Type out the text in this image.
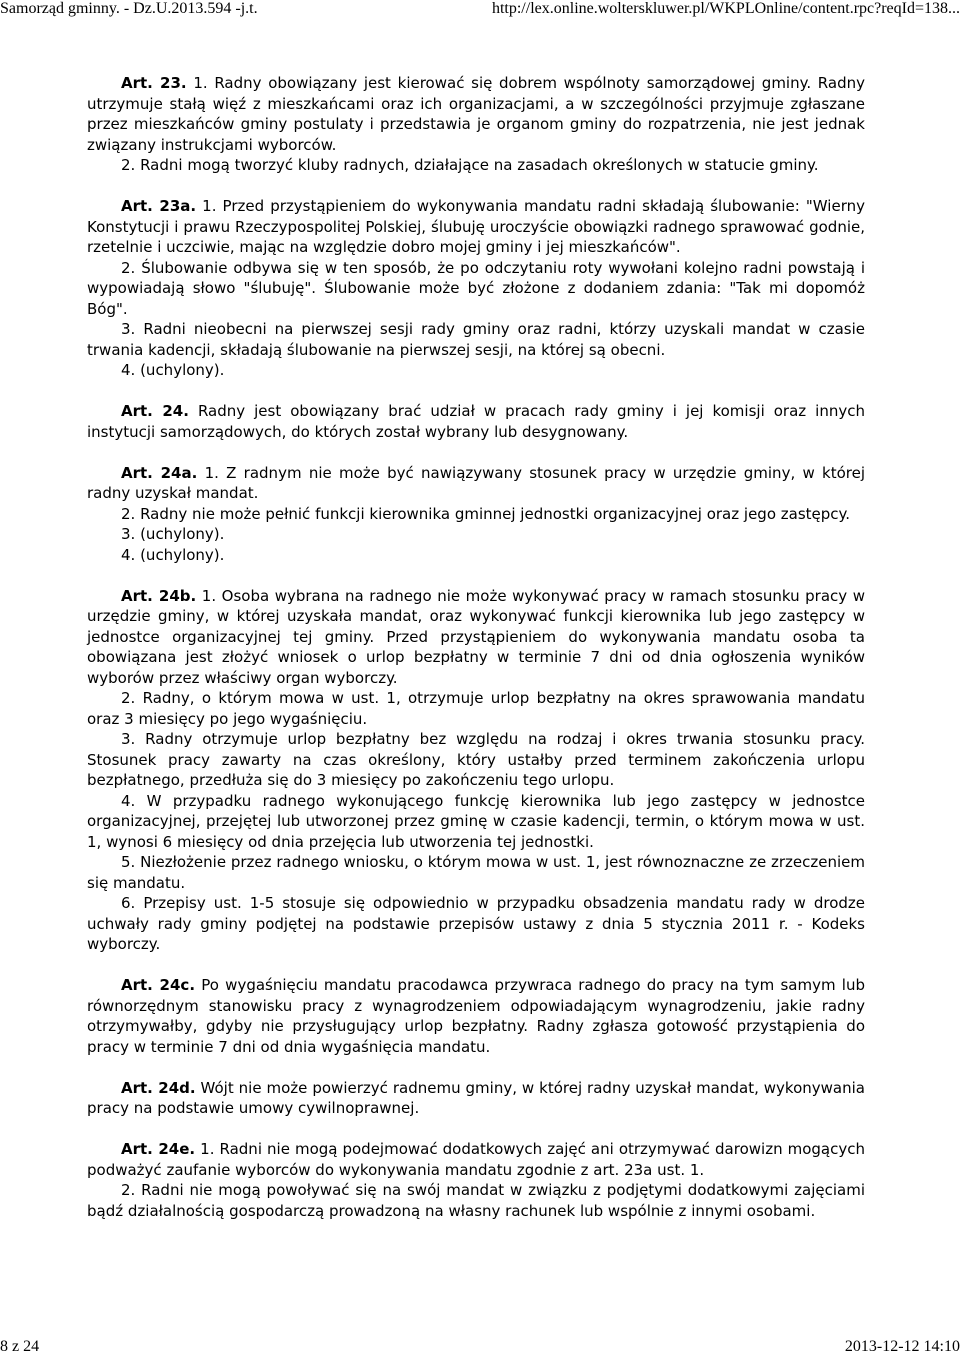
Samorząd gminny. - Dz.U.2013.594 -j.t.	http://lex.online.wolterskluwer.pl/WKPLOnline/content.rpc?reqId=138...

Art. 23. 1. Radny obowiązany jest kierować się dobrem wspólnoty samorządowej gminy. Radny utrzymuje stałą więź z mieszkańcami oraz ich organizacjami, a w szczególności przyjmuje zgłaszane przez mieszkańców gminy postulaty i przedstawia je organom gminy do rozpatrzenia, nie jest jednak związany instrukcjami wyborców.

2. Radni mogą tworzyć kluby radnych, działające na zasadach określonych w statucie gminy.

Art. 23a. 1. Przed przystąpieniem do wykonywania mandatu radni składają ślubowanie: "Wierny Konstytucji i prawu Rzeczypospolitej Polskiej, ślubuję uroczyście obowiązki radnego sprawować godnie, rzetelnie i uczciwie, mając na względzie dobro mojej gminy i jej mieszkańców".

2. Ślubowanie odbywa się w ten sposób, że po odczytaniu roty wywołani kolejno radni powstają i wypowiadają słowo "ślubuję". Ślubowanie może być złożone z dodaniem zdania: "Tak mi dopomóż Bóg".

3. Radni nieobecni na pierwszej sesji rady gminy oraz radni, którzy uzyskali mandat w czasie trwania kadencji, składają ślubowanie na pierwszej sesji, na której są obecni.

4. (uchylony).

Art. 24. Radny jest obowiązany brać udział w pracach rady gminy i jej komisji oraz innych instytucji samorządowych, do których został wybrany lub desygnowany.

Art. 24a. 1. Z radnym nie może być nawiązywany stosunek pracy w urzędzie gminy, w której radny uzyskał mandat.

2. Radny nie może pełnić funkcji kierownika gminnej jednostki organizacyjnej oraz jego zastępcy.

3. (uchylony).

4. (uchylony).

Art. 24b. 1. Osoba wybrana na radnego nie może wykonywać pracy w ramach stosunku pracy w urzędzie gminy, w której uzyskała mandat, oraz wykonywać funkcji kierownika lub jego zastępcy w jednostce organizacyjnej tej gminy. Przed przystąpieniem do wykonywania mandatu osoba ta obowiązana jest złożyć wniosek o urlop bezpłatny w terminie 7 dni od dnia ogłoszenia wyników wyborów przez właściwy organ wyborczy.

2. Radny, o którym mowa w ust. 1, otrzymuje urlop bezpłatny na okres sprawowania mandatu oraz 3 miesięcy po jego wygaśnięciu.

3. Radny otrzymuje urlop bezpłatny bez względu na rodzaj i okres trwania stosunku pracy. Stosunek pracy zawarty na czas określony, który ustałby przed terminem zakończenia urlopu bezpłatnego, przedłuża się do 3 miesięcy po zakończeniu tego urlopu.

4. W przypadku radnego wykonującego funkcję kierownika lub jego zastępcy w jednostce organizacyjnej, przejętej lub utworzonej przez gminę w czasie kadencji, termin, o którym mowa w ust. 1, wynosi 6 miesięcy od dnia przejęcia lub utworzenia tej jednostki.

5. Niezłożenie przez radnego wniosku, o którym mowa w ust. 1, jest równoznaczne ze zrzeczeniem się mandatu.

6. Przepisy ust. 1-5 stosuje się odpowiednio w przypadku obsadzenia mandatu rady w drodze uchwały rady gminy podjętej na podstawie przepisów ustawy z dnia 5 stycznia 2011 r. - Kodeks wyborczy.

Art. 24c. Po wygaśnięciu mandatu pracodawca przywraca radnego do pracy na tym samym lub równorzędnym stanowisku pracy z wynagrodzeniem odpowiadającym wynagrodzeniu, jakie radny otrzymywałby, gdyby nie przysługujący urlop bezpłatny. Radny zgłasza gotowość przystąpienia do pracy w terminie 7 dni od dnia wygaśnięcia mandatu.

Art. 24d. Wójt nie może powierzyć radnemu gminy, w której radny uzyskał mandat, wykonywania pracy na podstawie umowy cywilnoprawnej.

Art. 24e. 1. Radni nie mogą podejmować dodatkowych zajęć ani otrzymywać darowizn mogących podważyć zaufanie wyborców do wykonywania mandatu zgodnie z art. 23a ust. 1.

2. Radni nie mogą powoływać się na swój mandat w związku z podjętymi dodatkowymi zajęciami bądź działalnością gospodarczą prowadzoną na własny rachunek lub wspólnie z innymi osobami.

8 z 24	2013-12-12 14:10
